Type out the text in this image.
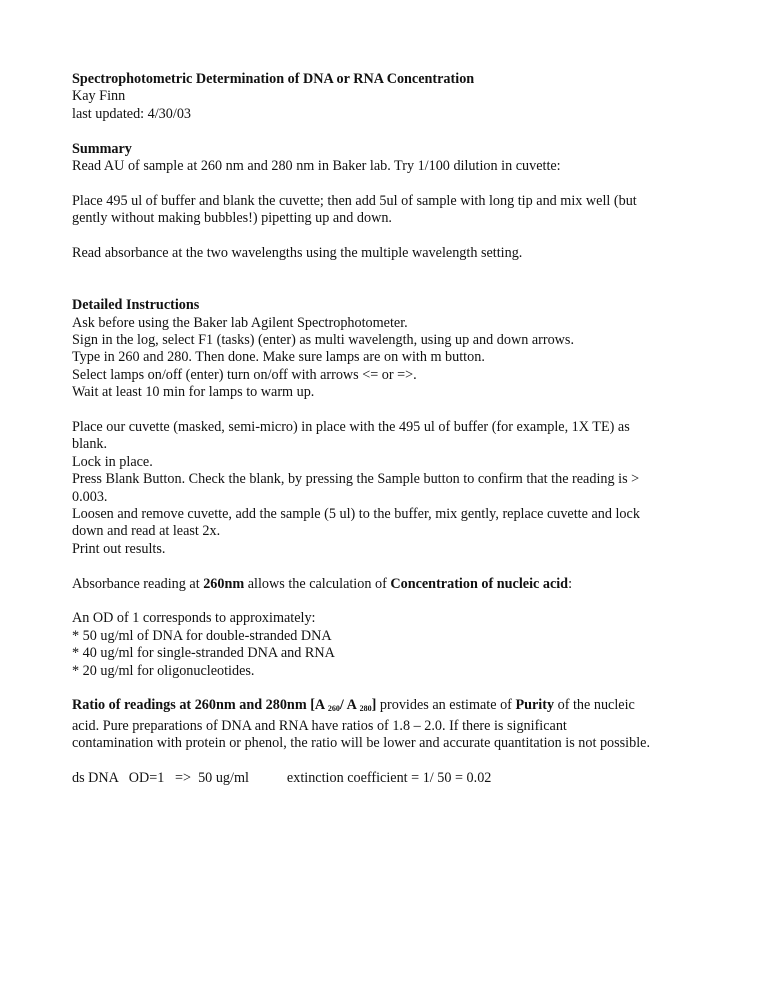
Spectrophotometric Determination of DNA or RNA Concentration
Kay Finn
last updated: 4/30/03
Summary
Read AU of sample at 260 nm and 280 nm in Baker lab. Try 1/100 dilution in cuvette:
Place 495 ul of buffer and blank the cuvette; then add 5ul of sample with long tip and mix well (but
gently without making bubbles!) pipetting up and down.
Read absorbance at the two wavelengths using the multiple wavelength setting.
Detailed Instructions
Ask before using the Baker lab Agilent Spectrophotometer.
Sign in the log, select F1 (tasks) (enter) as multi wavelength, using up and down arrows.
Type in 260 and 280. Then done. Make sure lamps are on with m button.
Select lamps on/off (enter) turn on/off with arrows <= or =>.
Wait at least 10 min for lamps to warm up.
Place our cuvette (masked, semi-micro) in place with the 495 ul of buffer (for example, 1X TE) as
blank.
Lock in place.
Press Blank Button. Check the blank, by pressing the Sample button to confirm that the reading is >
0.003.
Loosen and remove cuvette, add the sample (5 ul) to the buffer, mix gently, replace cuvette and lock
down and read at least 2x.
Print out results.
Absorbance reading at 260nm allows the calculation of Concentration of nucleic acid:
An OD of 1 corresponds to approximately:
* 50 ug/ml of DNA for double-stranded DNA
* 40 ug/ml for single-stranded DNA and RNA
* 20 ug/ml for oligonucleotides.
Ratio of readings at 260nm and 280nm [A $_{260}$/ A $_{280}$] provides an estimate of Purity of the nucleic
acid. Pure preparations of DNA and RNA have ratios of 1.8 – 2.0. If there is significant
contamination with protein or phenol, the ratio will be lower and accurate quantitation is not possible.
ds DNA   OD=1   =>  50 ug/ml	extinction coefficient = 1/ 50 = 0.02
